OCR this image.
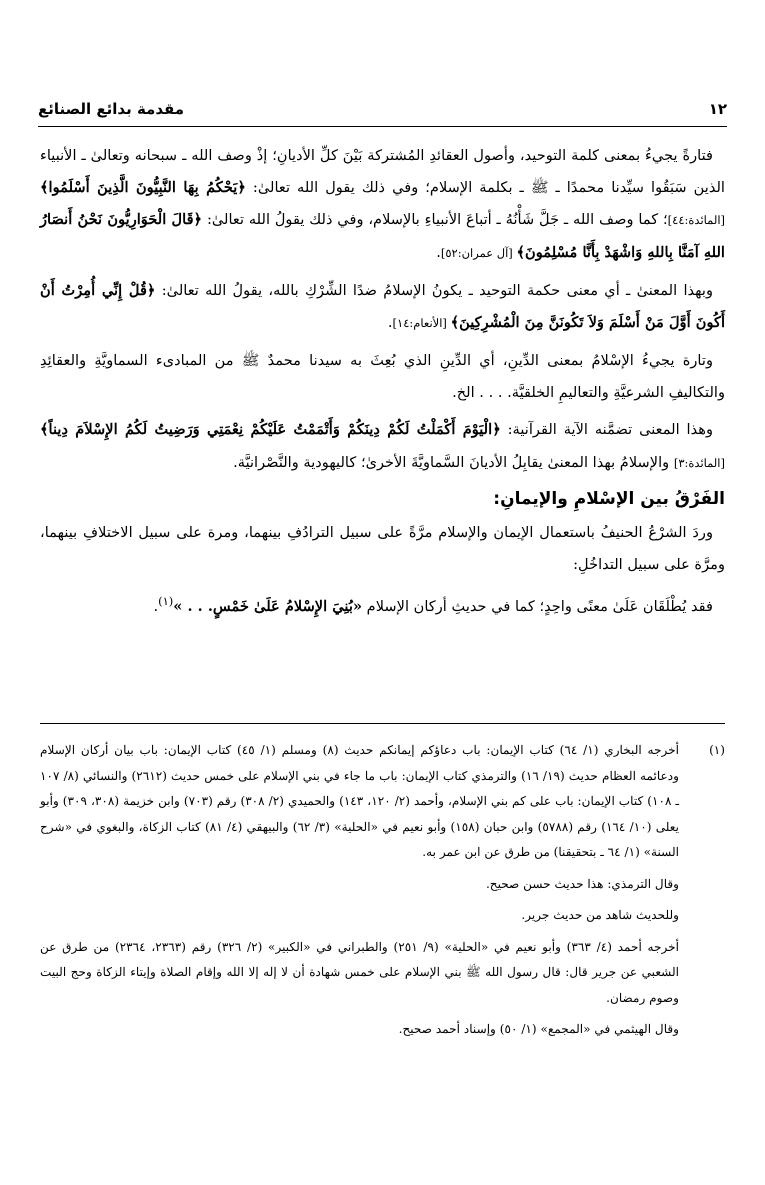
١٢
مقدمة بدائع الصنائع

فتارةً يجيءُ بمعنى كلمة التوحيد، وأصول العقائدِ المُشتركة بَيْنَ كلِّ الأديانِ؛ إذْ وصف الله ـ سبحانه وتعالىٰ ـ الأنبياء الذين سَبَقُوا سيِّدنا محمدًا ـ ﷺ ـ بكلمة الإسلام؛ وفي ذلك يقول الله تعالىٰ: ﴿يَحْكُمُ بِهَا النَّبِيُّونَ الَّذِينَ أَسْلَمُوا﴾ [المائدة:٤٤]؛ كما وصف الله ـ جَلَّ شَأْنُهُ ـ أتباعَ الأنبياءِ بالإسلام، وفي ذلك يقولُ الله تعالىٰ: ﴿قَالَ الْحَوَارِيُّونَ نَحْنُ أَنصَارُ اللهِ آمَنَّا بِاللهِ وَاشْهَدْ بِأَنَّا مُسْلِمُونَ﴾ [آل عمران:٥٢].

وبهذا المعنىٰ ـ أي معنى حكمة التوحيد ـ يكونُ الإسلامُ ضدًا الشِّرْكِ بالله، يقولُ الله تعالىٰ: ﴿قُلْ إِنِّي أُمِرْتُ أَنْ أَكُونَ أَوَّلَ مَنْ أَسْلَمَ وَلاَ تَكُونَنَّ مِنَ الْمُشْرِكِينَ﴾ [الأنعام:١٤].

وتارة يجيءُ الإسْلامُ بمعنى الدِّينِ، أي الدِّينِ الذي بُعِثَ به سيدنا محمدٌ ﷺ من المبادىء السماويَّةِ والعقائِدِ والتكاليفِ الشرعيَّةِ والتعاليمِ الخلقيَّة. . . . الخ.

وهذا المعنى تضمَّنه الآية القرآنية: ﴿الْيَوْمَ أَكْمَلْتُ لَكُمْ دِينَكُمْ وَأَتْمَمْتُ عَلَيْكُمْ نِعْمَتِي وَرَضِيتُ لَكُمُ الإِسْلاَمَ دِيناً﴾ [المائدة:٣] والإسلامُ بهذا المعنىٰ يقابِلُ الأديانَ السَّماويَّةَ الأخرىٰ؛ كاليهودية والنَّصْرانيَّة.

الفَرْقُ بين الإسْلامِ والإيمانِ:

وردَ الشرْعُ الحنيفُ باستعمال الإيمان والإسلام مرَّةً على سبيل الترادُفِ بينهما، ومرة على سبيل الاختلافِ بينهما، ومرَّة على سبيل التداخُلِ:

فقد يُطْلَقَان عَلَىٰ معنًى واحِدٍ؛ كما في حديثِ أركان الإسلام «بُنِيَ الإِسْلامُ عَلَىٰ خَمْسٍ. . . »$^{(١)}$.

(١)

أخرجه البخاري (١/ ٦٤) كتاب الإيمان: باب دعاؤكم إيمانكم حديث (٨) ومسلم (١/ ٤٥) كتاب الإيمان: باب بيان أركان الإسلام ودعائمه العظام حديث (١٩/ ١٦) والترمذي كتاب الإيمان: باب ما جاء في بني الإسلام على خمس حديث (٢٦١٢) والنسائي (٨/ ١٠٧ ـ ١٠٨) كتاب الإيمان: باب على كم بني الإسلام، وأحمد (٢/ ١٢٠، ١٤٣) والحميدي (٢/ ٣٠٨) رقم (٧٠٣) وابن خزيمة (٣٠٨، ٣٠٩) وأبو يعلى (١٠/ ١٦٤) رقم (٥٧٨٨) وابن حبان (١٥٨) وأبو نعيم في «الحلية» (٣/ ٦٢) والبيهقي (٤/ ٨١) كتاب الزكاة، والبغوي في «شرح السنة» (١/ ٦٤ ـ بتحقيقنا) من طرق عن ابن عمر به.

وقال الترمذي: هذا حديث حسن صحيح.

وللحديث شاهد من حديث جرير.

أخرجه أحمد (٤/ ٣٦٣) وأبو نعيم في «الحلية» (٩/ ٢٥١) والطبراني في «الكبير» (٢/ ٣٢٦) رقم (٢٣٦٣، ٢٣٦٤) من طرق عن الشعبي عن جرير قال: قال رسول الله ﷺ بني الإسلام على خمس شهادة أن لا إله إلا الله وإقام الصلاة وإيتاء الزكاة وحج البيت وصوم رمضان.

وقال الهيثمي في «المجمع» (١/ ٥٠) وإسناد أحمد صحيح.
